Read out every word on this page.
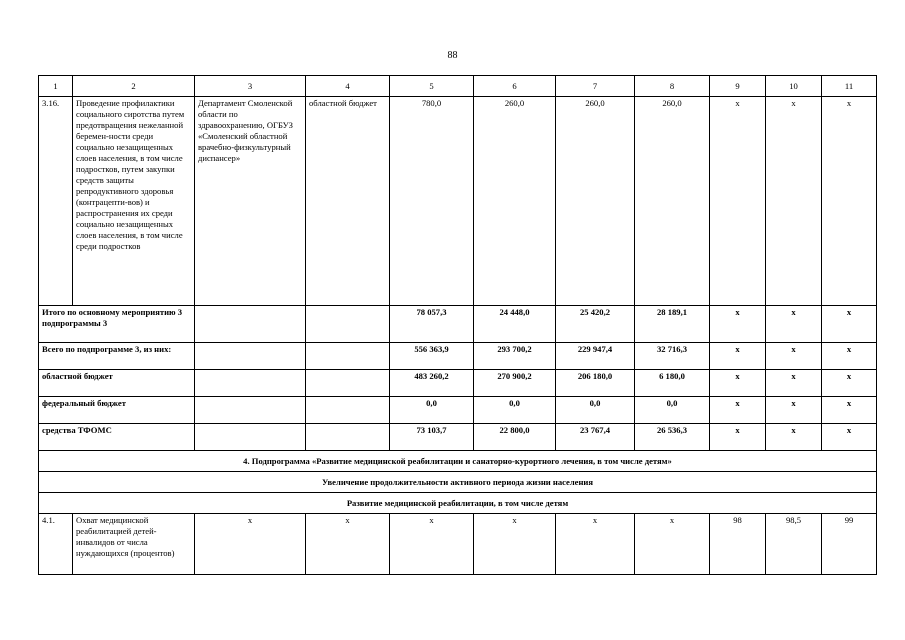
88
1	2	3	4	5	6	7	8	9	10	11
3.16.	Проведение профилактики социального сиротства путем предотвращения нежеланной беремен-ности среди социально незащищенных слоев населения, в том числе подростков, путем закупки средств защиты репродуктивного здоровья (контрацепти-вов) и распространения их среди социально незащищенных слоев населения, в том числе среди подростков	Департамент Смоленской области по здравоохранению, ОГБУЗ «Смоленский областной врачебно-физкультурный диспансер»	областной бюджет	780,0	260,0	260,0	260,0	x	x	x
Итого по основному мероприятию 3 подпрограммы 3				78 057,3	24 448,0	25 420,2	28 189,1	x	x	x
Всего по подпрограмме 3, из них:				556 363,9	293 700,2	229 947,4	32 716,3	x	x	x
областной бюджет				483 260,2	270 900,2	206 180,0	6 180,0	x	x	x
федеральный бюджет				0,0	0,0	0,0	0,0	x	x	x
средства ТФОМС				73 103,7	22 800,0	23 767,4	26 536,3	x	x	x
4. Подпрограмма «Развитие медицинской реабилитации и санаторно-курортного лечения, в том числе детям»										
Увеличение продолжительности активного периода жизни населения										
Развитие медицинской реабилитации, в том числе детям										
4.1.	Охват медицинской реабилитацией детей-инвалидов от числа нуждающихся (процентов)	x	x	x	x	x	x	98	98,5	99
